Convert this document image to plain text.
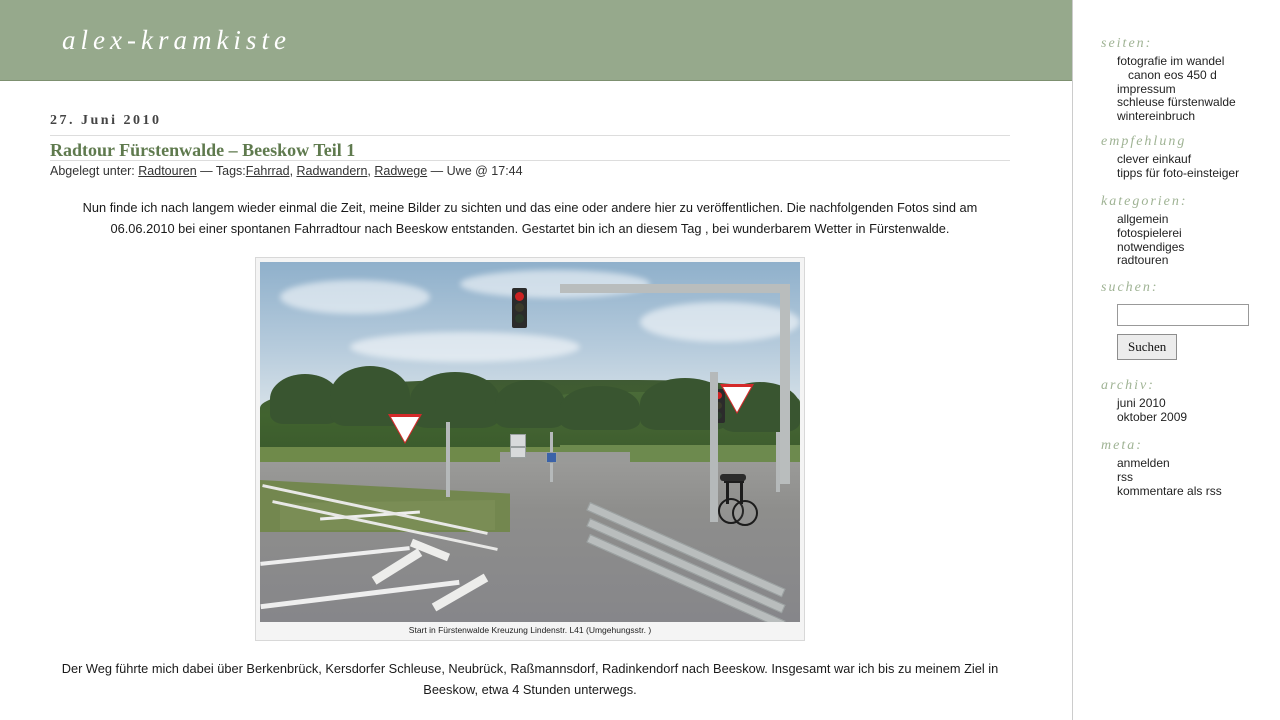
alex-kramkiste
27. Juni 2010
Radtour Fürstenwalde – Beeskow Teil 1
Abgelegt unter: Radtouren — Tags:Fahrrad, Radwandern, Radwege — Uwe @ 17:44
Nun finde ich nach langem wieder einmal die Zeit, meine Bilder zu sichten und das eine oder andere hier zu veröffentlichen. Die nachfolgenden Fotos sind am 06.06.2010 bei einer spontanen Fahrradtour nach Beeskow entstanden. Gestartet bin ich an diesem Tag , bei wunderbarem Wetter in Fürstenwalde.
Start in Fürstenwalde Kreuzung Lindenstr. L41 (Umgehungsstr. )
Der Weg führte mich dabei über Berkenbrück, Kersdorfer Schleuse, Neubrück, Raßmannsdorf, Radinkendorf nach Beeskow. Insgesamt war ich bis zu meinem Ziel in Beeskow, etwa 4 Stunden unterwegs.
seiten:
fotografie im wandel
canon eos 450 d
impressum
schleuse fürstenwalde
wintereinbruch
empfehlung
clever einkauf
tipps für foto-einsteiger
kategorien:
allgemein
fotospielerei
notwendiges
radtouren
suchen:

Suchen
archiv:
juni 2010
oktober 2009
meta:
anmelden
rss
kommentare als rss
